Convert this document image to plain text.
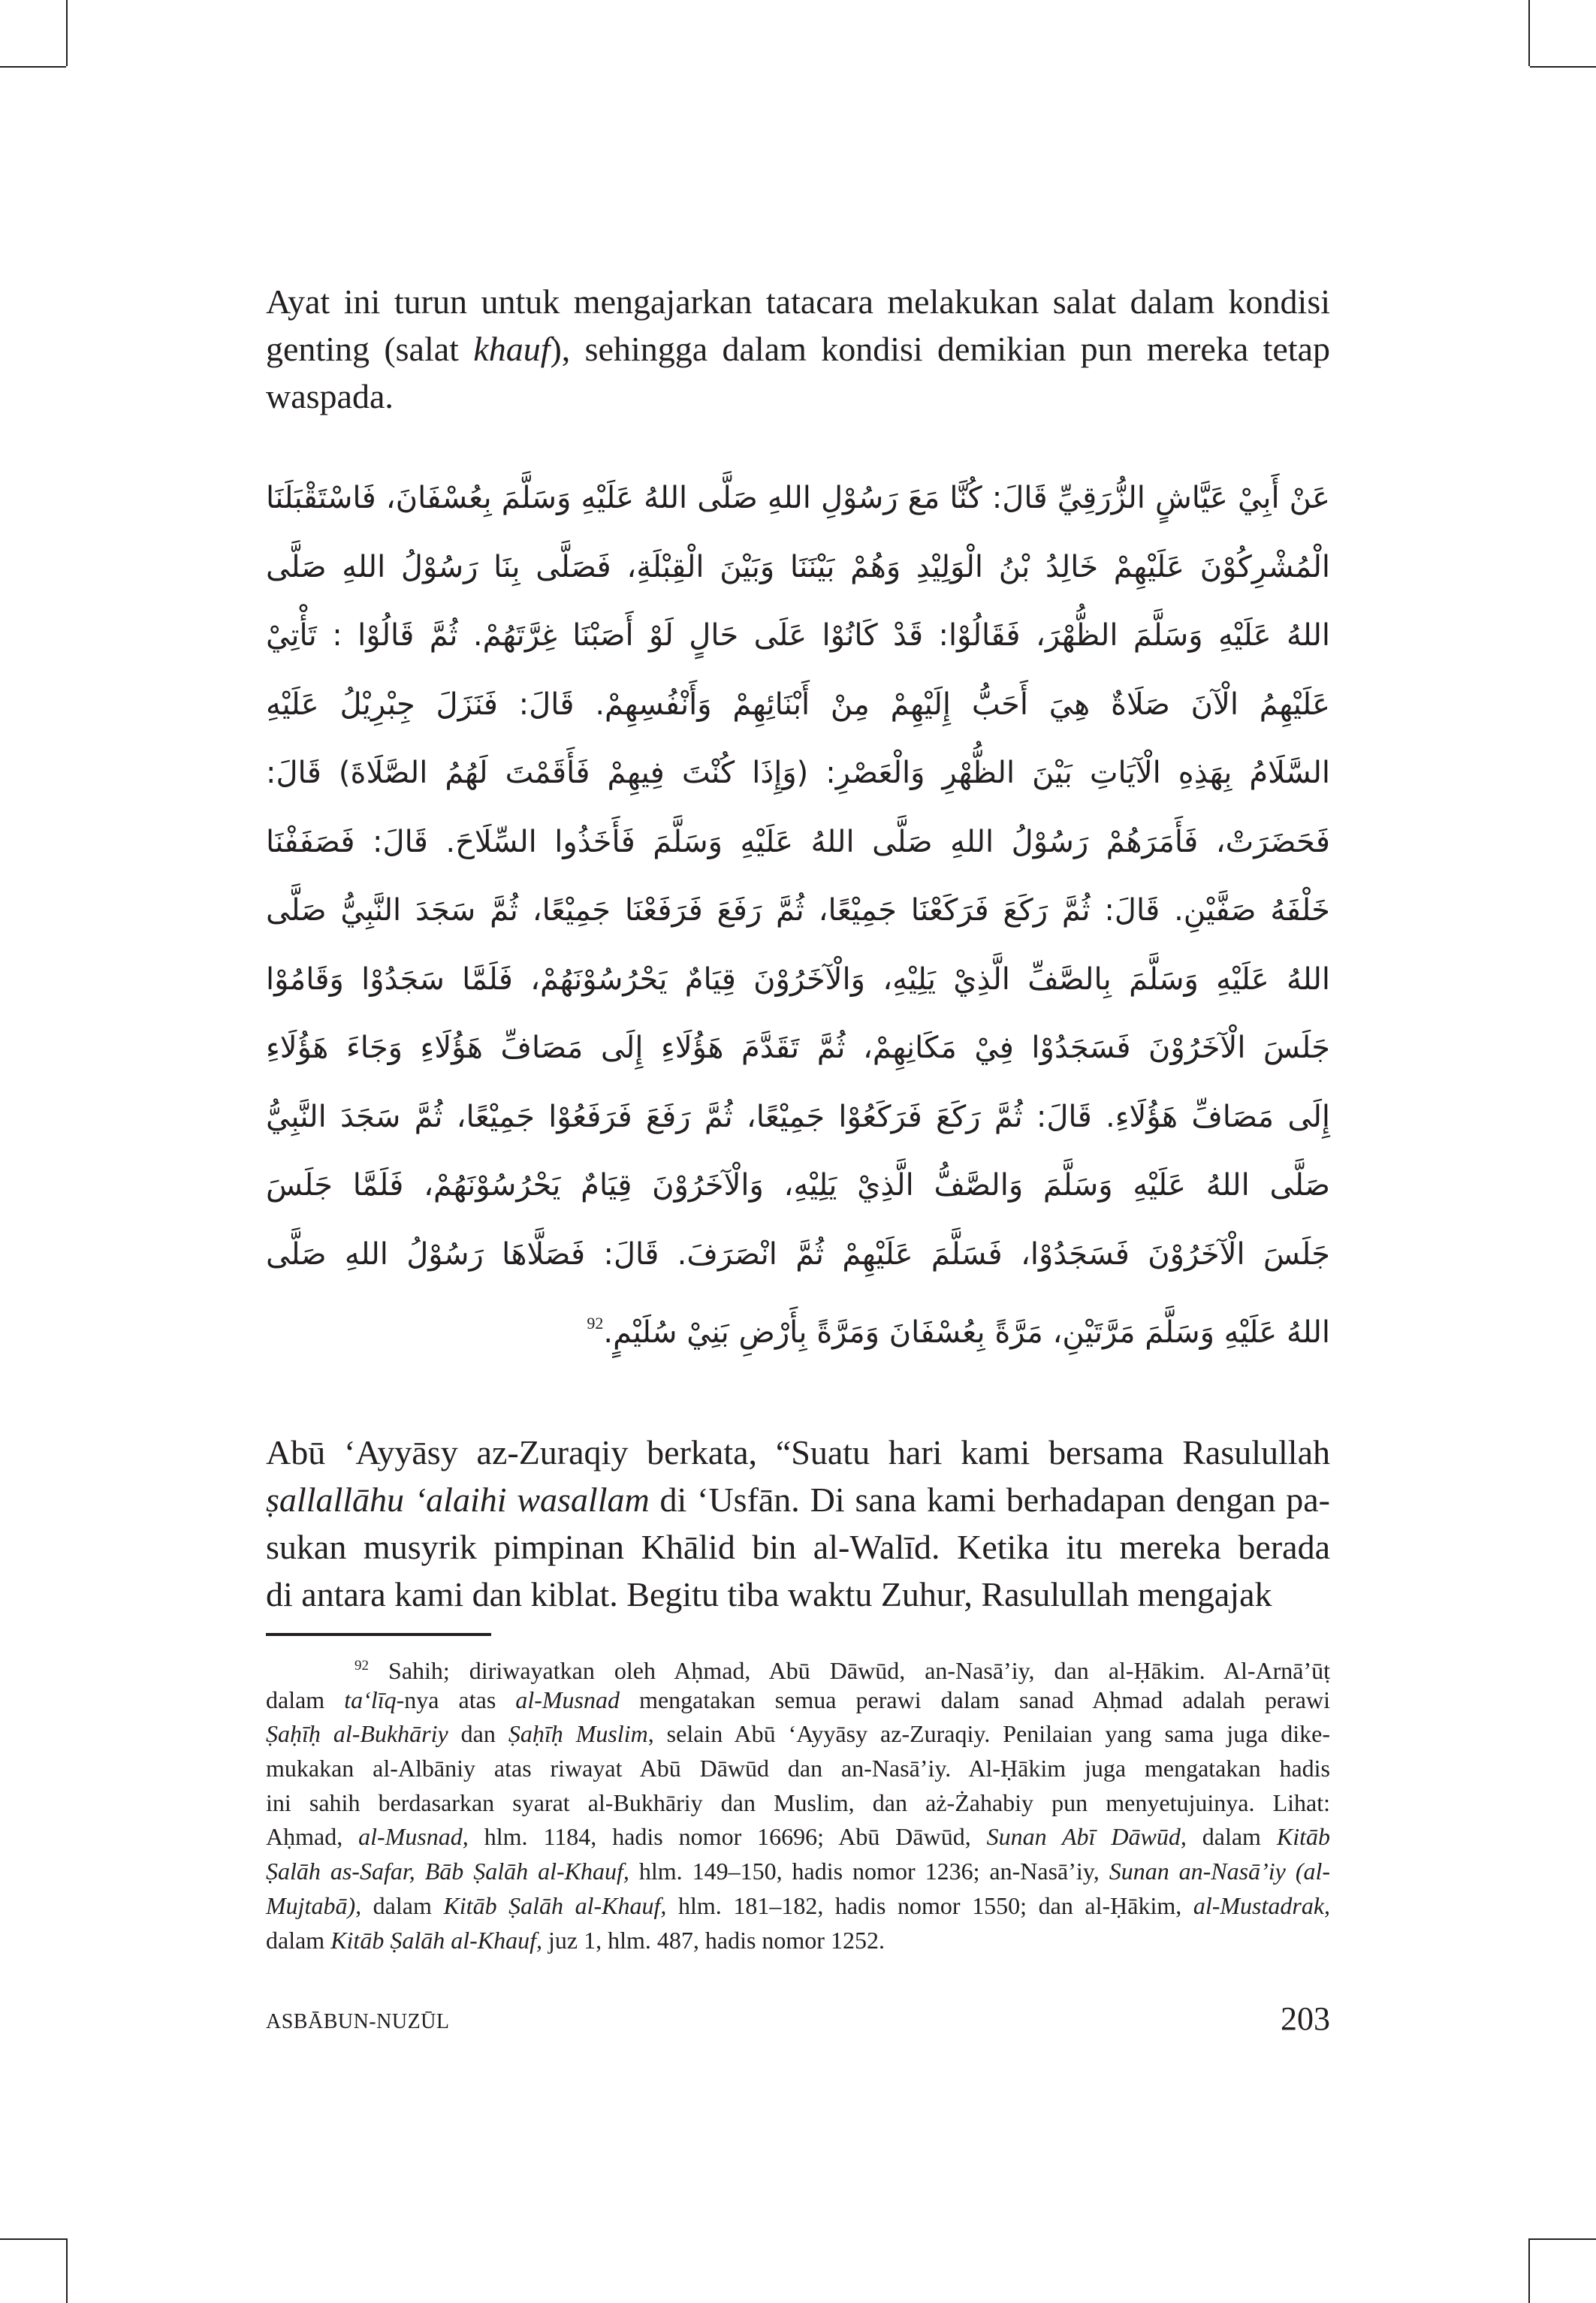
Ayat ini turun untuk mengajarkan tatacara melakukan salat dalam kondisi
genting (salat khauf), sehingga dalam kondisi demikian pun mereka tetap
waspada.
عَنْ أَبِيْ عَيَّاشٍ الزُّرَقِيِّ قَالَ: كُنَّا مَعَ رَسُوْلِ اللهِ صَلَّى اللهُ عَلَيْهِ وَسَلَّمَ بِعُسْفَانَ، فَاسْتَقْبَلَنَا
الْمُشْرِكُوْنَ عَلَيْهِمْ خَالِدُ بْنُ الْوَلِيْدِ وَهُمْ بَيْنَنَا وَبَيْنَ الْقِبْلَةِ، فَصَلَّى بِنَا رَسُوْلُ اللهِ صَلَّى
اللهُ عَلَيْهِ وَسَلَّمَ الظُّهْرَ، فَقَالُوْا: قَدْ كَانُوْا عَلَى حَالٍ لَوْ أَصَبْنَا غِرَّتَهُمْ. ثُمَّ قَالُوْا : تَأْتِيْ
عَلَيْهِمُ الْآنَ صَلَاةٌ هِيَ أَحَبُّ إِلَيْهِمْ مِنْ أَبْنَائِهِمْ وَأَنْفُسِهِمْ. قَالَ: فَنَزَلَ جِبْرِيْلُ عَلَيْهِ
السَّلَامُ بِهَذِهِ الْآيَاتِ بَيْنَ الظُّهْرِ وَالْعَصْرِ: (وَإِذَا كُنْتَ فِيهِمْ فَأَقَمْتَ لَهُمُ الصَّلَاةَ) قَالَ:
فَحَضَرَتْ، فَأَمَرَهُمْ رَسُوْلُ اللهِ صَلَّى اللهُ عَلَيْهِ وَسَلَّمَ فَأَخَذُوا السِّلَاحَ. قَالَ: فَصَفَفْنَا
خَلْفَهُ صَفَّيْنِ. قَالَ: ثُمَّ رَكَعَ فَرَكَعْنَا جَمِيْعًا، ثُمَّ رَفَعَ فَرَفَعْنَا جَمِيْعًا، ثُمَّ سَجَدَ النَّبِيُّ صَلَّى
اللهُ عَلَيْهِ وَسَلَّمَ بِالصَّفِّ الَّذِيْ يَلِيْهِ، وَالْآخَرُوْنَ قِيَامٌ يَحْرُسُوْنَهُمْ، فَلَمَّا سَجَدُوْا وَقَامُوْا
جَلَسَ الْآخَرُوْنَ فَسَجَدُوْا فِيْ مَكَانِهِمْ، ثُمَّ تَقَدَّمَ هَؤُلَاءِ إِلَى مَصَافِّ هَؤُلَاءِ وَجَاءَ هَؤُلَاءِ
إِلَى مَصَافِّ هَؤُلَاءِ. قَالَ: ثُمَّ رَكَعَ فَرَكَعُوْا جَمِيْعًا، ثُمَّ رَفَعَ فَرَفَعُوْا جَمِيْعًا، ثُمَّ سَجَدَ النَّبِيُّ
صَلَّى اللهُ عَلَيْهِ وَسَلَّمَ وَالصَّفُّ الَّذِيْ يَلِيْهِ، وَالْآخَرُوْنَ قِيَامٌ يَحْرُسُوْنَهُمْ، فَلَمَّا جَلَسَ
جَلَسَ الْآخَرُوْنَ فَسَجَدُوْا، فَسَلَّمَ عَلَيْهِمْ ثُمَّ انْصَرَفَ. قَالَ: فَصَلَّاهَا رَسُوْلُ اللهِ صَلَّى
اللهُ عَلَيْهِ وَسَلَّمَ مَرَّتَيْنِ، مَرَّةً بِعُسْفَانَ وَمَرَّةً بِأَرْضِ بَنِيْ سُلَيْمٍ.$^{92}$
Abū ʻAyyāsy az-Zuraqiy berkata, “Suatu hari kami bersama Rasulullah
ṣallallāhu ʻalaihi wasallam di ʻUsfān. Di sana kami berhadapan dengan pa-
sukan musyrik pimpinan Khālid bin al-Walīd. Ketika itu mereka berada
di antara kami dan kiblat. Begitu tiba waktu Zuhur, Rasulullah mengajak
$^{92}$ Sahih; diriwayatkan oleh Aḥmad, Abū Dāwūd, an-Nasā’iy, dan al-Ḥākim. Al-Arnā’ūṭ
dalam ta‘līq-nya atas al-Musnad mengatakan semua perawi dalam sanad Aḥmad adalah perawi
Ṣaḥīḥ al-Bukhāriy dan Ṣaḥīḥ Muslim, selain Abū ʻAyyāsy az-Zuraqiy. Penilaian yang sama juga dike-
mukakan al-Albāniy atas riwayat Abū Dāwūd dan an-Nasā’iy. Al-Ḥākim juga mengatakan hadis
ini sahih berdasarkan syarat al-Bukhāriy dan Muslim, dan aż-Żahabiy pun menyetujuinya. Lihat:
Aḥmad, al-Musnad, hlm. 1184, hadis nomor 16696; Abū Dāwūd, Sunan Abī Dāwūd, dalam Kitāb
Ṣalāh as-Safar, Bāb Ṣalāh al-Khauf, hlm. 149–150, hadis nomor 1236; an-Nasā’iy, Sunan an-Nasā’iy (al-
Mujtabā), dalam Kitāb Ṣalāh al-Khauf, hlm. 181–182, hadis nomor 1550; dan al-Ḥākim, al-Mustadrak,
dalam Kitāb Ṣalāh al-Khauf, juz 1, hlm. 487, hadis nomor 1252.
ASBĀBUN-NUZŪL	203
